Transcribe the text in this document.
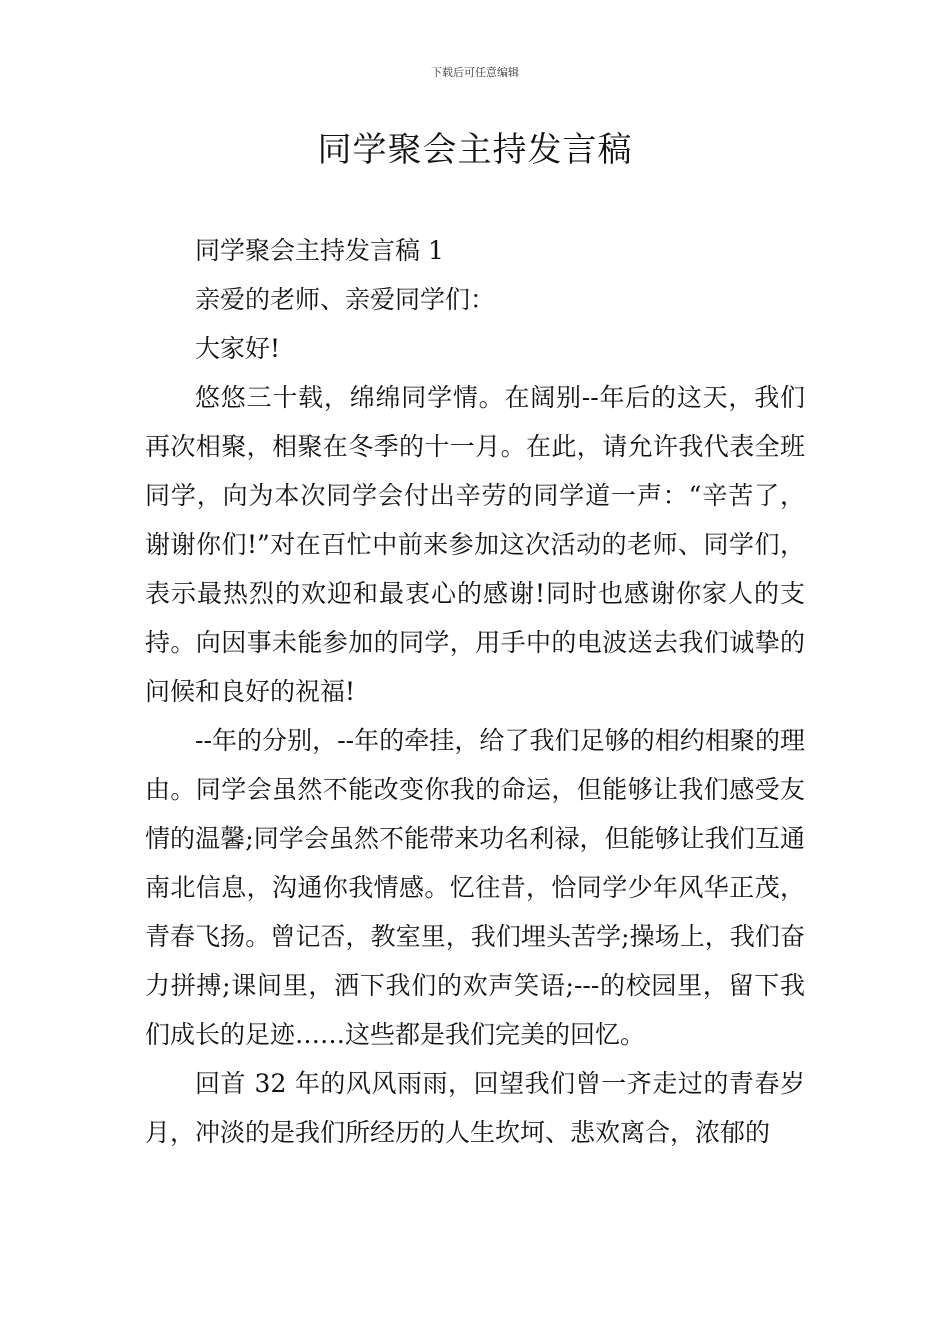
下载后可任意编辑
同学聚会主持发言稿

同学聚会主持发言稿 1

亲爱的老师、亲爱同学们：

大家好!

悠悠三十载，绵绵同学情。在阔别--年后的这天，我们再次相聚，相聚在冬季的十一月。在此，请允许我代表全班同学，向为本次同学会付出辛劳的同学道一声：“辛苦了，谢谢你们!”对在百忙中前来参加这次活动的老师、同学们，表示最热烈的欢迎和最衷心的感谢!同时也感谢你家人的支持。向因事未能参加的同学，用手中的电波送去我们诚挚的问候和良好的祝福!

--年的分别，--年的牵挂，给了我们足够的相约相聚的理由。同学会虽然不能改变你我的命运，但能够让我们感受友情的温馨;同学会虽然不能带来功名利禄，但能够让我们互通南北信息，沟通你我情感。忆往昔，恰同学少年风华正茂，青春飞扬。曾记否，教室里，我们埋头苦学;操场上，我们奋力拼搏;课间里，洒下我们的欢声笑语;---的校园里，留下我们成长的足迹……这些都是我们完美的回忆。

回首 32 年的风风雨雨，回望我们曾一齐走过的青春岁月，冲淡的是我们所经历的人生坎坷、悲欢离合，浓郁的
